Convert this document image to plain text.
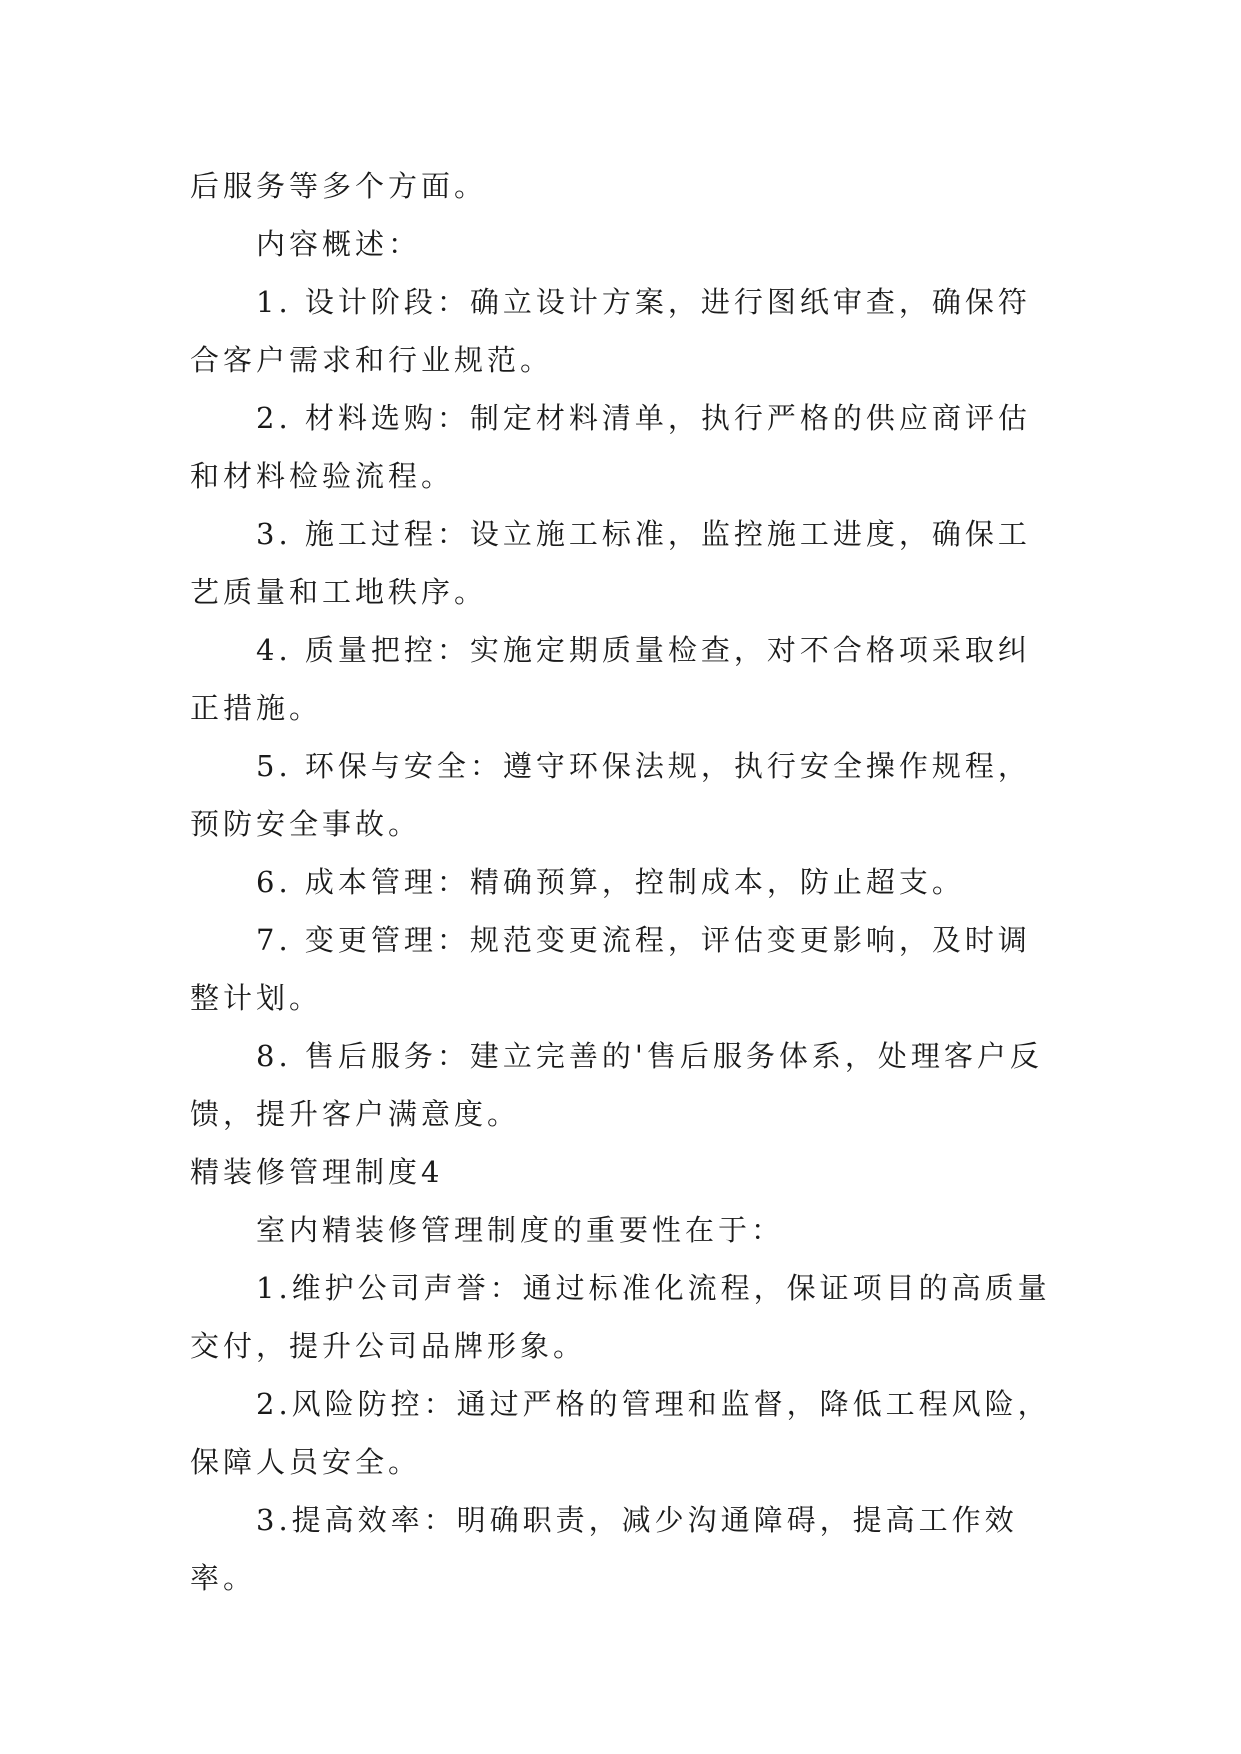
后服务等多个方面。

内容概述：

1. 设计阶段：确立设计方案，进行图纸审查，确保符合客户需求和行业规范。

2. 材料选购：制定材料清单，执行严格的供应商评估和材料检验流程。

3. 施工过程：设立施工标准，监控施工进度，确保工艺质量和工地秩序。

4. 质量把控：实施定期质量检查，对不合格项采取纠正措施。

5. 环保与安全：遵守环保法规，执行安全操作规程，预防安全事故。

6. 成本管理：精确预算，控制成本，防止超支。

7. 变更管理：规范变更流程，评估变更影响，及时调整计划。

8. 售后服务：建立完善的'售后服务体系，处理客户反馈，提升客户满意度。

精装修管理制度4

室内精装修管理制度的重要性在于：

1.维护公司声誉：通过标准化流程，保证项目的高质量交付，提升公司品牌形象。

2.风险防控：通过严格的管理和监督，降低工程风险，保障人员安全。

3.提高效率：明确职责，减少沟通障碍，提高工作效率。
